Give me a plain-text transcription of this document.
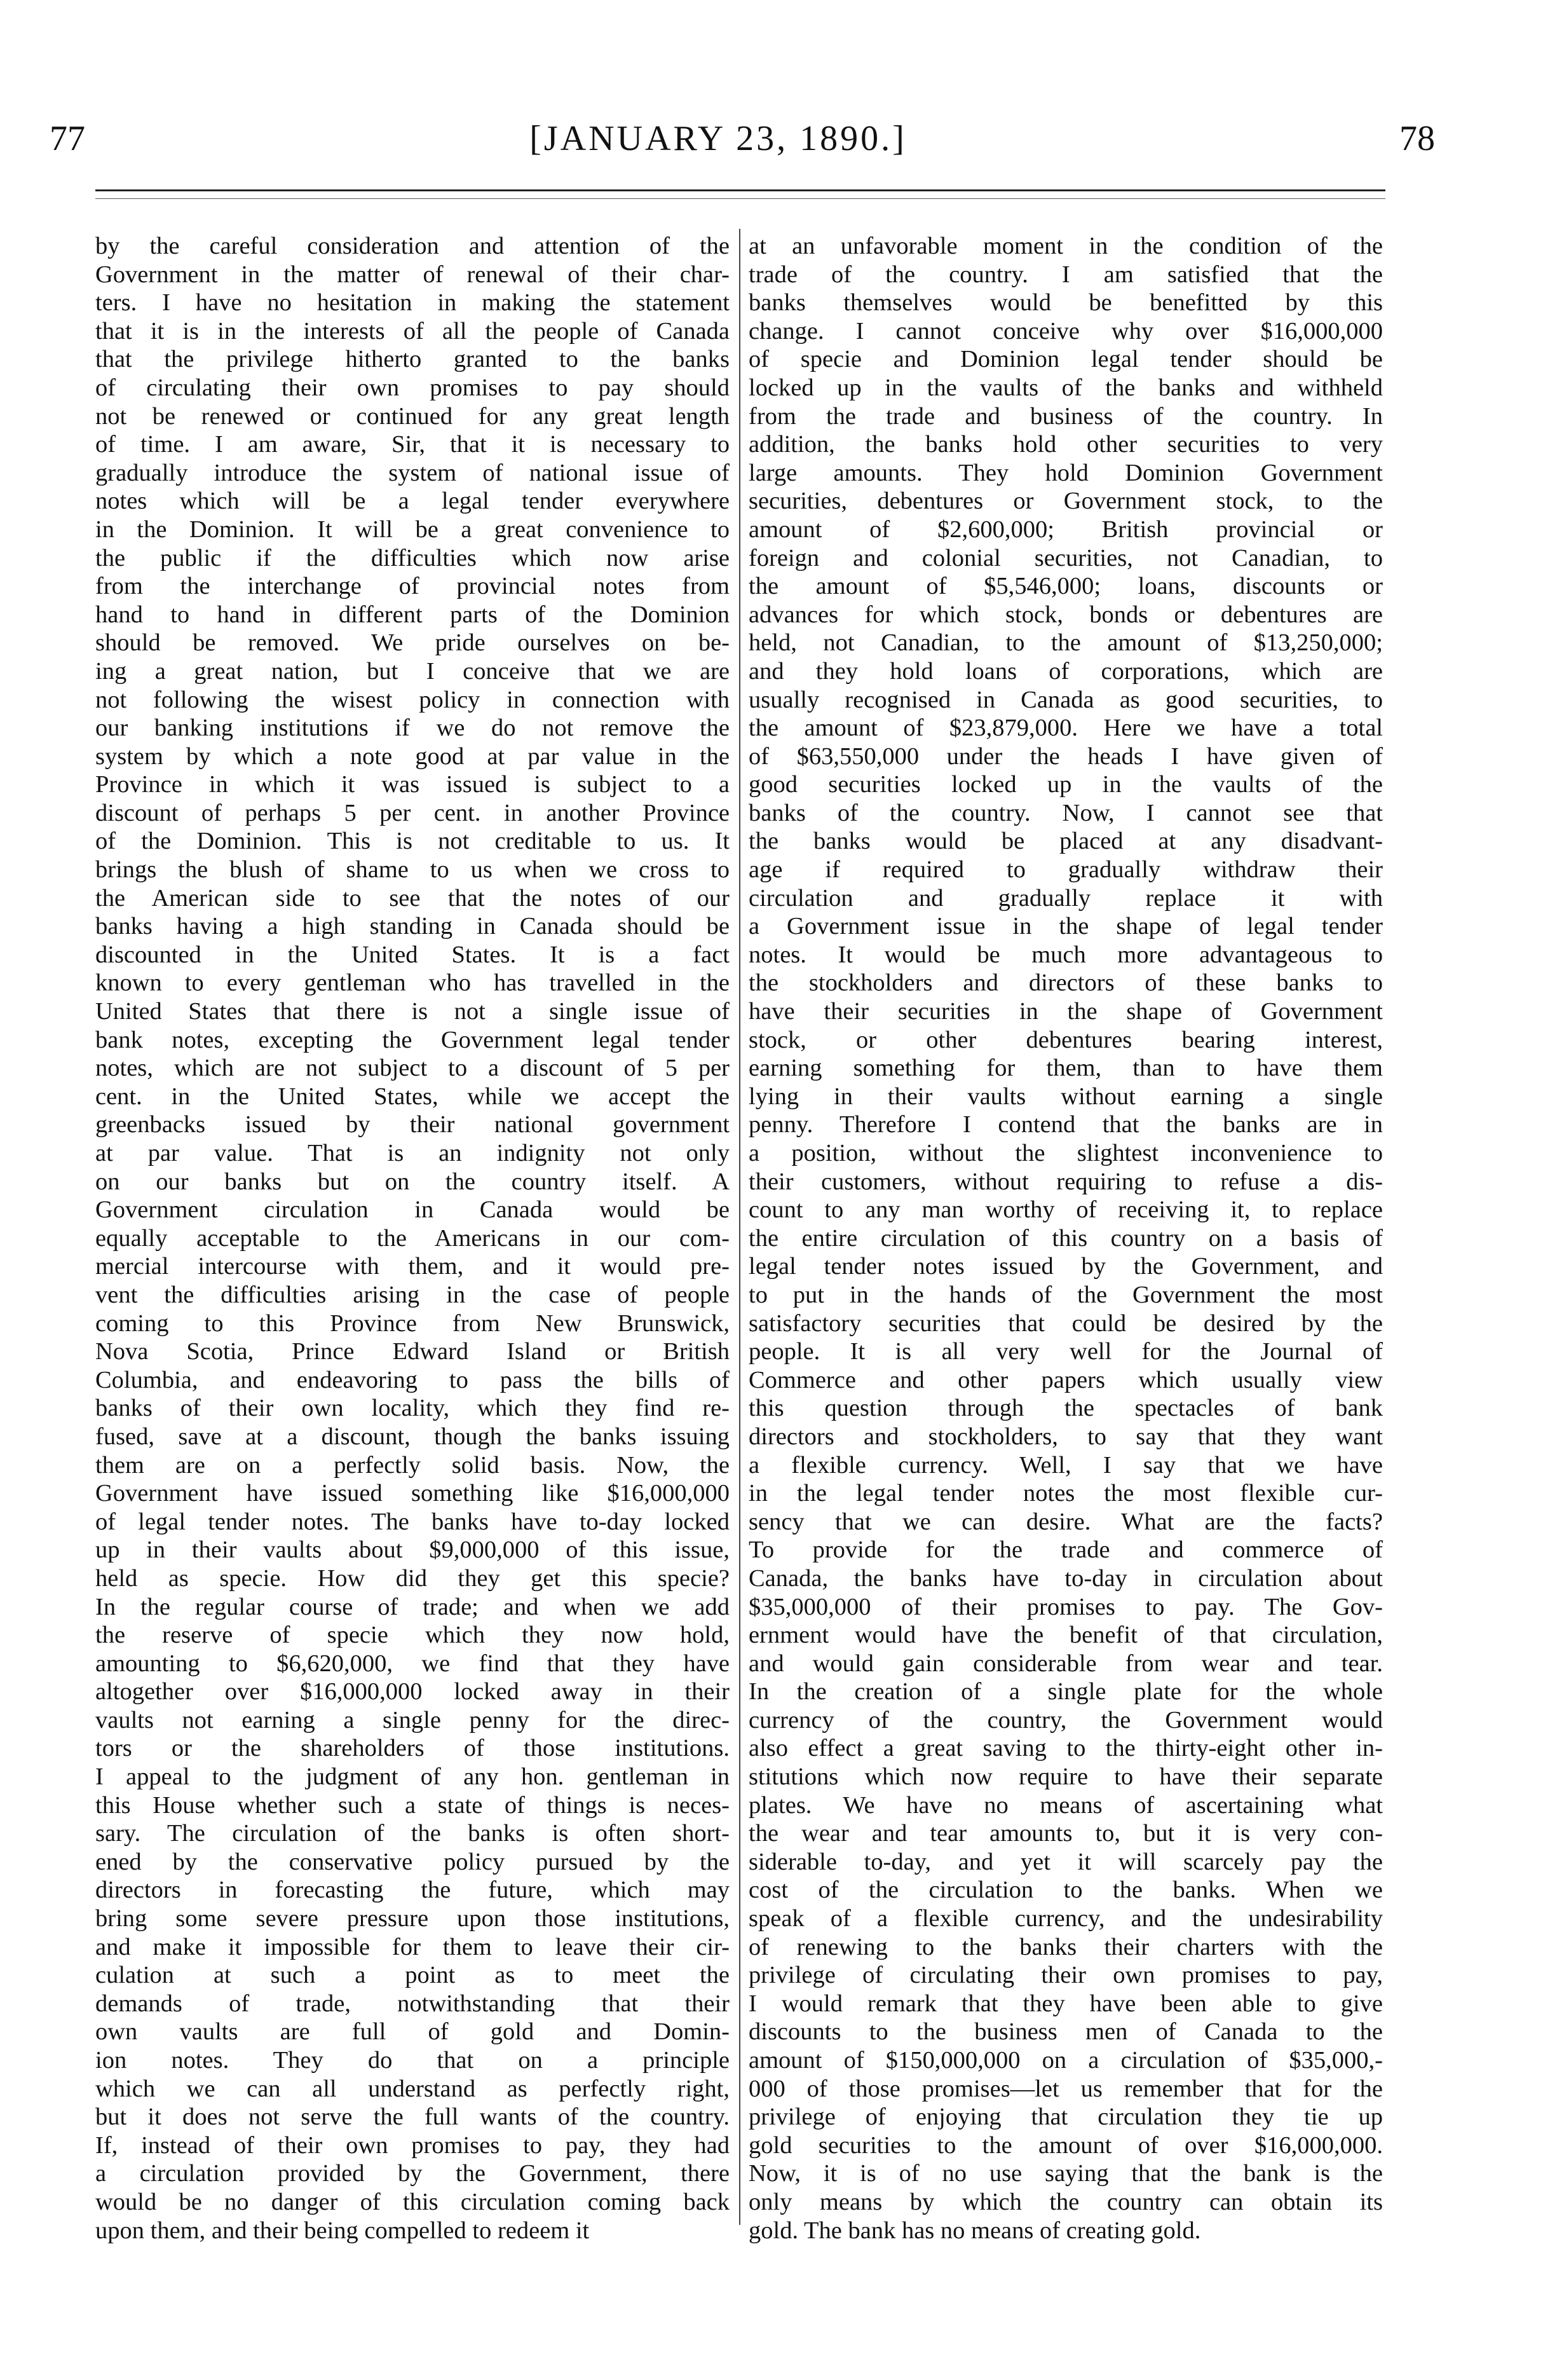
77	[JANUARY 23, 1890.]	78
by the careful consideration and attention of the
Government in the matter of renewal of their char-
ters. I have no hesitation in making the statement
that it is in the interests of all the people of Canada
that the privilege hitherto granted to the banks
of circulating their own promises to pay should
not be renewed or continued for any great length
of time. I am aware, Sir, that it is necessary to
gradually introduce the system of national issue of
notes which will be a legal tender everywhere
in the Dominion. It will be a great convenience to
the public if the difficulties which now arise
from the interchange of provincial notes from
hand to hand in different parts of the Dominion
should be removed. We pride ourselves on be-
ing a great nation, but I conceive that we are
not following the wisest policy in connection with
our banking institutions if we do not remove the
system by which a note good at par value in the
Province in which it was issued is subject to a
discount of perhaps 5 per cent. in another Province
of the Dominion. This is not creditable to us. It
brings the blush of shame to us when we cross to
the American side to see that the notes of our
banks having a high standing in Canada should be
discounted in the United States. It is a fact
known to every gentleman who has travelled in the
United States that there is not a single issue of
bank notes, excepting the Government legal tender
notes, which are not subject to a discount of 5 per
cent. in the United States, while we accept the
greenbacks issued by their national government
at par value. That is an indignity not only
on our banks but on the country itself. A
Government circulation in Canada would be
equally acceptable to the Americans in our com-
mercial intercourse with them, and it would pre-
vent the difficulties arising in the case of people
coming to this Province from New Brunswick,
Nova Scotia, Prince Edward Island or British
Columbia, and endeavoring to pass the bills of
banks of their own locality, which they find re-
fused, save at a discount, though the banks issuing
them are on a perfectly solid basis. Now, the
Government have issued something like $16,000,000
of legal tender notes. The banks have to-day locked
up in their vaults about $9,000,000 of this issue,
held as specie. How did they get this specie?
In the regular course of trade; and when we add
the reserve of specie which they now hold,
amounting to $6,620,000, we find that they have
altogether over $16,000,000 locked away in their
vaults not earning a single penny for the direc-
tors or the shareholders of those institutions.
I appeal to the judgment of any hon. gentleman in
this House whether such a state of things is neces-
sary. The circulation of the banks is often short-
ened by the conservative policy pursued by the
directors in forecasting the future, which may
bring some severe pressure upon those institutions,
and make it impossible for them to leave their cir-
culation at such a point as to meet the
demands of trade, notwithstanding that their
own vaults are full of gold and Domin-
ion notes. They do that on a principle
which we can all understand as perfectly right,
but it does not serve the full wants of the country.
If, instead of their own promises to pay, they had
a circulation provided by the Government, there
would be no danger of this circulation coming back
upon them, and their being compelled to redeem it
at an unfavorable moment in the condition of the
trade of the country. I am satisfied that the
banks themselves would be benefitted by this
change. I cannot conceive why over $16,000,000
of specie and Dominion legal tender should be
locked up in the vaults of the banks and withheld
from the trade and business of the country. In
addition, the banks hold other securities to very
large amounts. They hold Dominion Government
securities, debentures or Government stock, to the
amount of $2,600,000; British provincial or
foreign and colonial securities, not Canadian, to
the amount of $5,546,000; loans, discounts or
advances for which stock, bonds or debentures are
held, not Canadian, to the amount of $13,250,000;
and they hold loans of corporations, which are
usually recognised in Canada as good securities, to
the amount of $23,879,000. Here we have a total
of $63,550,000 under the heads I have given of
good securities locked up in the vaults of the
banks of the country. Now, I cannot see that
the banks would be placed at any disadvant-
age if required to gradually withdraw their
circulation and gradually replace it with
a Government issue in the shape of legal tender
notes. It would be much more advantageous to
the stockholders and directors of these banks to
have their securities in the shape of Government
stock, or other debentures bearing interest,
earning something for them, than to have them
lying in their vaults without earning a single
penny. Therefore I contend that the banks are in
a position, without the slightest inconvenience to
their customers, without requiring to refuse a dis-
count to any man worthy of receiving it, to replace
the entire circulation of this country on a basis of
legal tender notes issued by the Government, and
to put in the hands of the Government the most
satisfactory securities that could be desired by the
people. It is all very well for the Journal of
Commerce and other papers which usually view
this question through the spectacles of bank
directors and stockholders, to say that they want
a flexible currency. Well, I say that we have
in the legal tender notes the most flexible cur-
sency that we can desire. What are the facts?
To provide for the trade and commerce of
Canada, the banks have to-day in circulation about
$35,000,000 of their promises to pay. The Gov-
ernment would have the benefit of that circulation,
and would gain considerable from wear and tear.
In the creation of a single plate for the whole
currency of the country, the Government would
also effect a great saving to the thirty-eight other in-
stitutions which now require to have their separate
plates. We have no means of ascertaining what
the wear and tear amounts to, but it is very con-
siderable to-day, and yet it will scarcely pay the
cost of the circulation to the banks. When we
speak of a flexible currency, and the undesirability
of renewing to the banks their charters with the
privilege of circulating their own promises to pay,
I would remark that they have been able to give
discounts to the business men of Canada to the
amount of $150,000,000 on a circulation of $35,000,-
000 of those promises—let us remember that for the
privilege of enjoying that circulation they tie up
gold securities to the amount of over $16,000,000.
Now, it is of no use saying that the bank is the
only means by which the country can obtain its
gold. The bank has no means of creating gold.
